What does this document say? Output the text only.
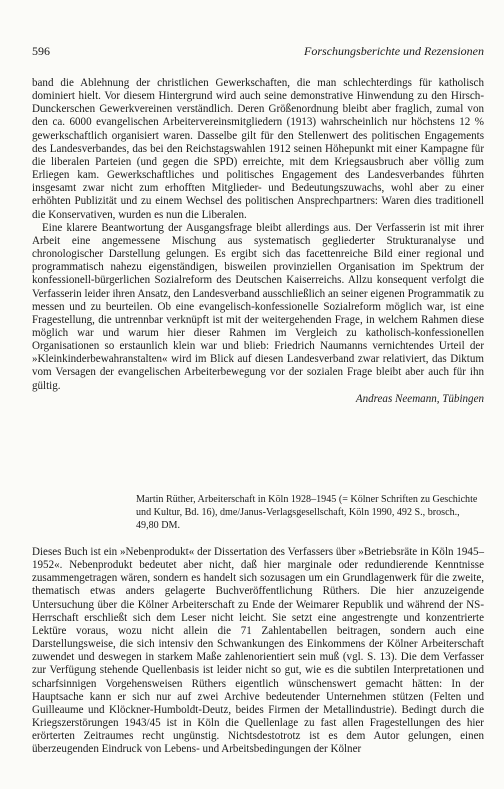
596	Forschungsberichte und Rezensionen

band die Ablehnung der christlichen Gewerkschaften, die man schlechterdings für katholisch dominiert hielt. Vor diesem Hintergrund wird auch seine demonstrative Hinwendung zu den Hirsch-Dunckerschen Gewerkvereinen verständlich. Deren Größenordnung bleibt aber fraglich, zumal von den ca. 6000 evangelischen Arbeitervereinsmitgliedern (1913) wahrscheinlich nur höchstens 12 % gewerkschaftlich organisiert waren. Dasselbe gilt für den Stellenwert des politischen Engagements des Landesverbandes, das bei den Reichstagswahlen 1912 seinen Höhepunkt mit einer Kampagne für die liberalen Parteien (und gegen die SPD) erreichte, mit dem Kriegsausbruch aber völlig zum Erliegen kam. Gewerkschaftliches und politisches Engagement des Landesverbandes führten insgesamt zwar nicht zum erhofften Mitglieder- und Bedeutungszuwachs, wohl aber zu einer erhöhten Publizität und zu einem Wechsel des politischen Ansprechpartners: Waren dies traditionell die Konservativen, wurden es nun die Liberalen.

Eine klarere Beantwortung der Ausgangsfrage bleibt allerdings aus. Der Verfasserin ist mit ihrer Arbeit eine angemessene Mischung aus systematisch gegliederter Strukturanalyse und chronologischer Darstellung gelungen. Es ergibt sich das facettenreiche Bild einer regional und programmatisch nahezu eigenständigen, bisweilen provinziellen Organisation im Spektrum der konfessionell-bürgerlichen Sozialreform des Deutschen Kaiserreichs. Allzu konsequent verfolgt die Verfasserin leider ihren Ansatz, den Landesverband ausschließlich an seiner eigenen Programmatik zu messen und zu beurteilen. Ob eine evangelisch-konfessionelle Sozialreform möglich war, ist eine Fragestellung, die untrennbar verknüpft ist mit der weitergehenden Frage, in welchem Rahmen diese möglich war und warum hier dieser Rahmen im Vergleich zu katholisch-konfessionellen Organisationen so erstaunlich klein war und blieb: Friedrich Naumanns vernichtendes Urteil der »Kleinkinderbewahranstalten« wird im Blick auf diesen Landesverband zwar relativiert, das Diktum vom Versagen der evangelischen Arbeiterbewegung vor der sozialen Frage bleibt aber auch für ihn gültig.

Andreas Neemann, Tübingen

Martin Rüther, Arbeiterschaft in Köln 1928–1945 (= Kölner Schriften zu Geschichte und Kultur, Bd. 16), dme/Janus-Verlagsgesellschaft, Köln 1990, 492 S., brosch., 49,80 DM.

Dieses Buch ist ein »Nebenprodukt« der Dissertation des Verfassers über »Betriebsräte in Köln 1945–1952«. Nebenprodukt bedeutet aber nicht, daß hier marginale oder redundierende Kenntnisse zusammengetragen wären, sondern es handelt sich sozusagen um ein Grundlagenwerk für die zweite, thematisch etwas anders gelagerte Buchveröffentlichung Rüthers. Die hier anzuzeigende Untersuchung über die Kölner Arbeiterschaft zu Ende der Weimarer Republik und während der NS-Herrschaft erschließt sich dem Leser nicht leicht. Sie setzt eine angestrengte und konzentrierte Lektüre voraus, wozu nicht allein die 71 Zahlentabellen beitragen, sondern auch eine Darstellungsweise, die sich intensiv den Schwankungen des Einkommens der Kölner Arbeiterschaft zuwendet und deswegen in starkem Maße zahlenorientiert sein muß (vgl. S. 13). Die dem Verfasser zur Verfügung stehende Quellenbasis ist leider nicht so gut, wie es die subtilen Interpretationen und scharfsinnigen Vorgehensweisen Rüthers eigentlich wünschenswert gemacht hätten: In der Hauptsache kann er sich nur auf zwei Archive bedeutender Unternehmen stützen (Felten und Guilleaume und Klöckner-Humboldt-Deutz, beides Firmen der Metallindustrie). Bedingt durch die Kriegszerstörungen 1943/45 ist in Köln die Quellenlage zu fast allen Fragestellungen des hier erörterten Zeitraumes recht ungünstig. Nichtsdestotrotz ist es dem Autor gelungen, einen überzeugenden Eindruck von Lebens- und Arbeitsbedingungen der Kölner
